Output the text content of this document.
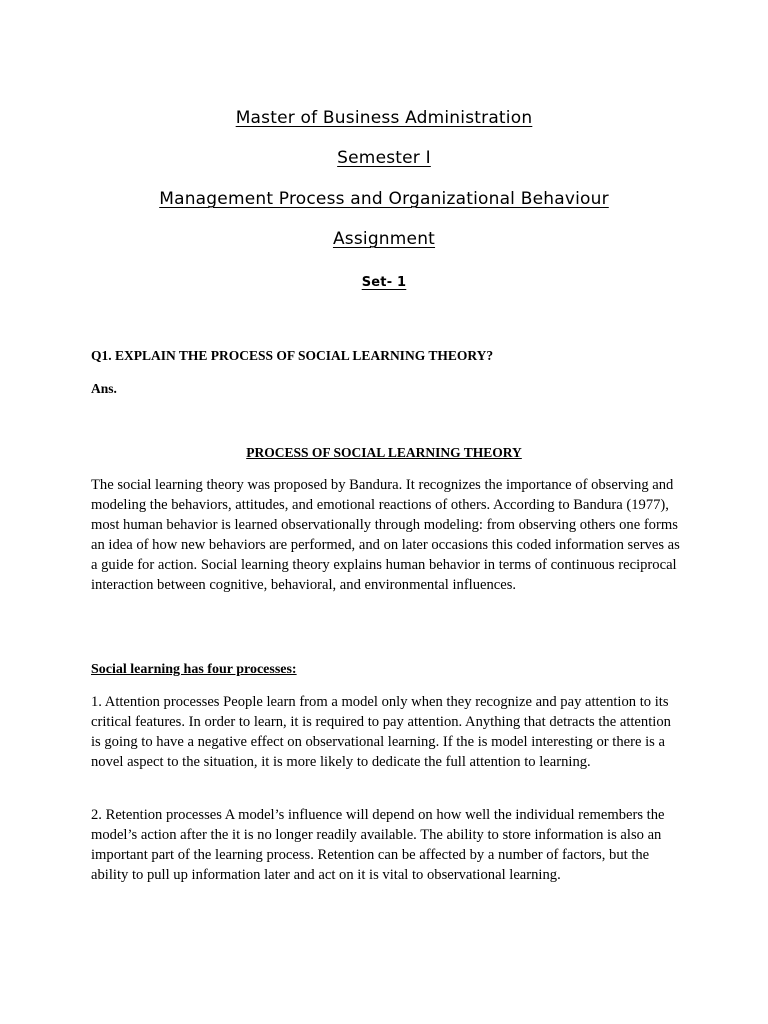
Master of Business Administration
Semester I
Management Process and Organizational Behaviour
Assignment
Set- 1
Q1. EXPLAIN THE PROCESS OF SOCIAL LEARNING THEORY?
Ans.
PROCESS OF SOCIAL LEARNING THEORY

The social learning theory was proposed by Bandura. It recognizes the importance of observing and modeling the behaviors, attitudes, and emotional reactions of others. According to Bandura (1977), most human behavior is learned observationally through modeling: from observing others one forms an idea of how new behaviors are performed, and on later occasions this coded information serves as a guide for action. Social learning theory explains human behavior in terms of continuous reciprocal interaction between cognitive, behavioral, and environmental influences.

Social learning has four processes:

1. Attention processes People learn from a model only when they recognize and pay attention to its critical features. In order to learn, it is required to pay attention. Anything that detracts the attention is going to have a negative effect on observational learning. If the is model interesting or there is a novel aspect to the situation, it is more likely to dedicate the full attention to learning.

2. Retention processes A model’s influence will depend on how well the individual remembers the model’s action after the it is no longer readily available. The ability to store information is also an important part of the learning process. Retention can be affected by a number of factors, but the ability to pull up information later and act on it is vital to observational learning.
